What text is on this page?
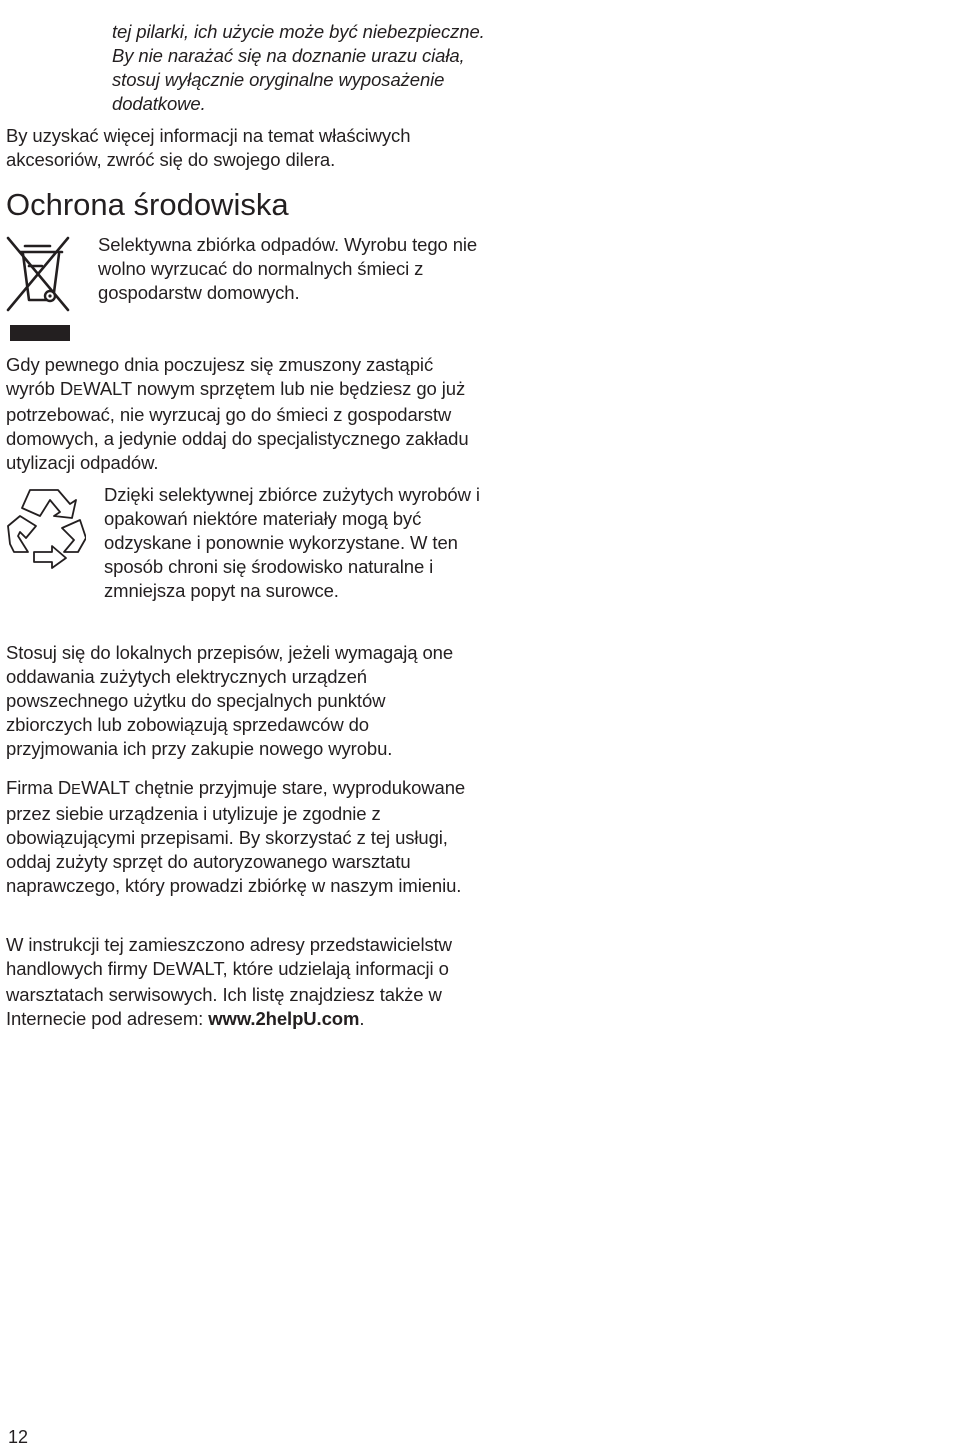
tej pilarki, ich użycie może być niebezpieczne. By nie narażać się na doznanie urazu ciała, stosuj wyłącznie oryginalne wyposażenie dodatkowe.

By uzyskać więcej informacji na temat właściwych akcesoriów, zwróć się do swojego dilera.

Ochrona środowiska

Selektywna zbiórka odpadów. Wyrobu tego nie wolno wyrzucać do normalnych śmieci z gospodarstw domowych.

Gdy pewnego dnia poczujesz się zmuszony zastąpić wyrób DEWALT nowym sprzętem lub nie będziesz go już potrzebować, nie wyrzucaj go do śmieci z gospodarstw domowych, a jedynie oddaj do specjalistycznego zakładu utylizacji odpadów.

Dzięki selektywnej zbiórce zużytych wyrobów i opakowań niektóre materiały mogą być odzyskane i ponownie wykorzystane. W ten sposób chroni się środowisko naturalne i zmniejsza popyt na surowce.

Stosuj się do lokalnych przepisów, jeżeli wymagają one oddawania zużytych elektrycznych urządzeń powszechnego użytku do specjalnych punktów zbiorczych lub zobowiązują sprzedawców do przyjmowania ich przy zakupie nowego wyrobu.

Firma DEWALT chętnie przyjmuje stare, wyprodukowane przez siebie urządzenia i utylizuje je zgodnie z obowiązującymi przepisami. By skorzystać z tej usługi, oddaj zużyty sprzęt do autoryzowanego warsztatu naprawczego, który prowadzi zbiórkę w naszym imieniu.

W instrukcji tej zamieszczono adresy przedstawicielstw handlowych firmy DEWALT, które udzielają informacji o warsztatach serwisowych. Ich listę znajdziesz także w Internecie pod adresem: www.2helpU.com.

12
